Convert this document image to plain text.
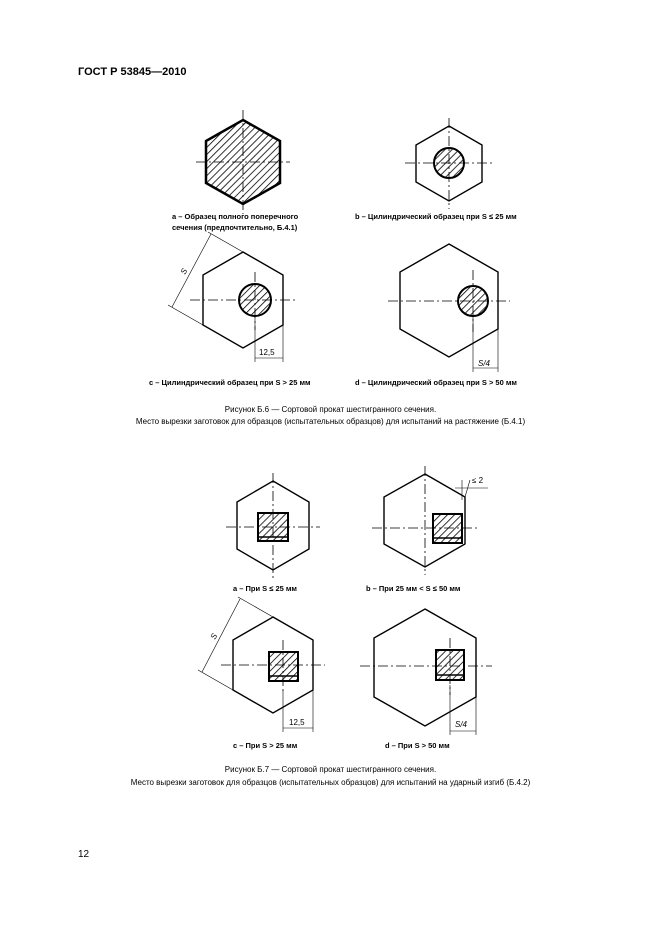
ГОСТ Р 53845—2010
S
12,5
S/4
≤ 2
S
12,5	S/4
a – Образец полного поперечного
сечения (предпочтительно, Б.4.1)
b – Цилиндрический образец при S ≤ 25 мм
c – Цилиндрический образец при S > 25 мм	d – Цилиндрический образец при S > 50 мм
Рисунок Б.6 — Сортовой прокат шестигранного сечения.
Место вырезки заготовок для образцов (испытательных образцов) для испытаний на растяжение (Б.4.1)
a – При S ≤ 25 мм	b – При 25 мм < S ≤ 50 мм
c – При S > 25 мм	d – При S > 50 мм
Рисунок Б.7 — Сортовой прокат шестигранного сечения.
Место вырезки заготовок для образцов (испытательных образцов) для испытаний на ударный изгиб (Б.4.2)
12
